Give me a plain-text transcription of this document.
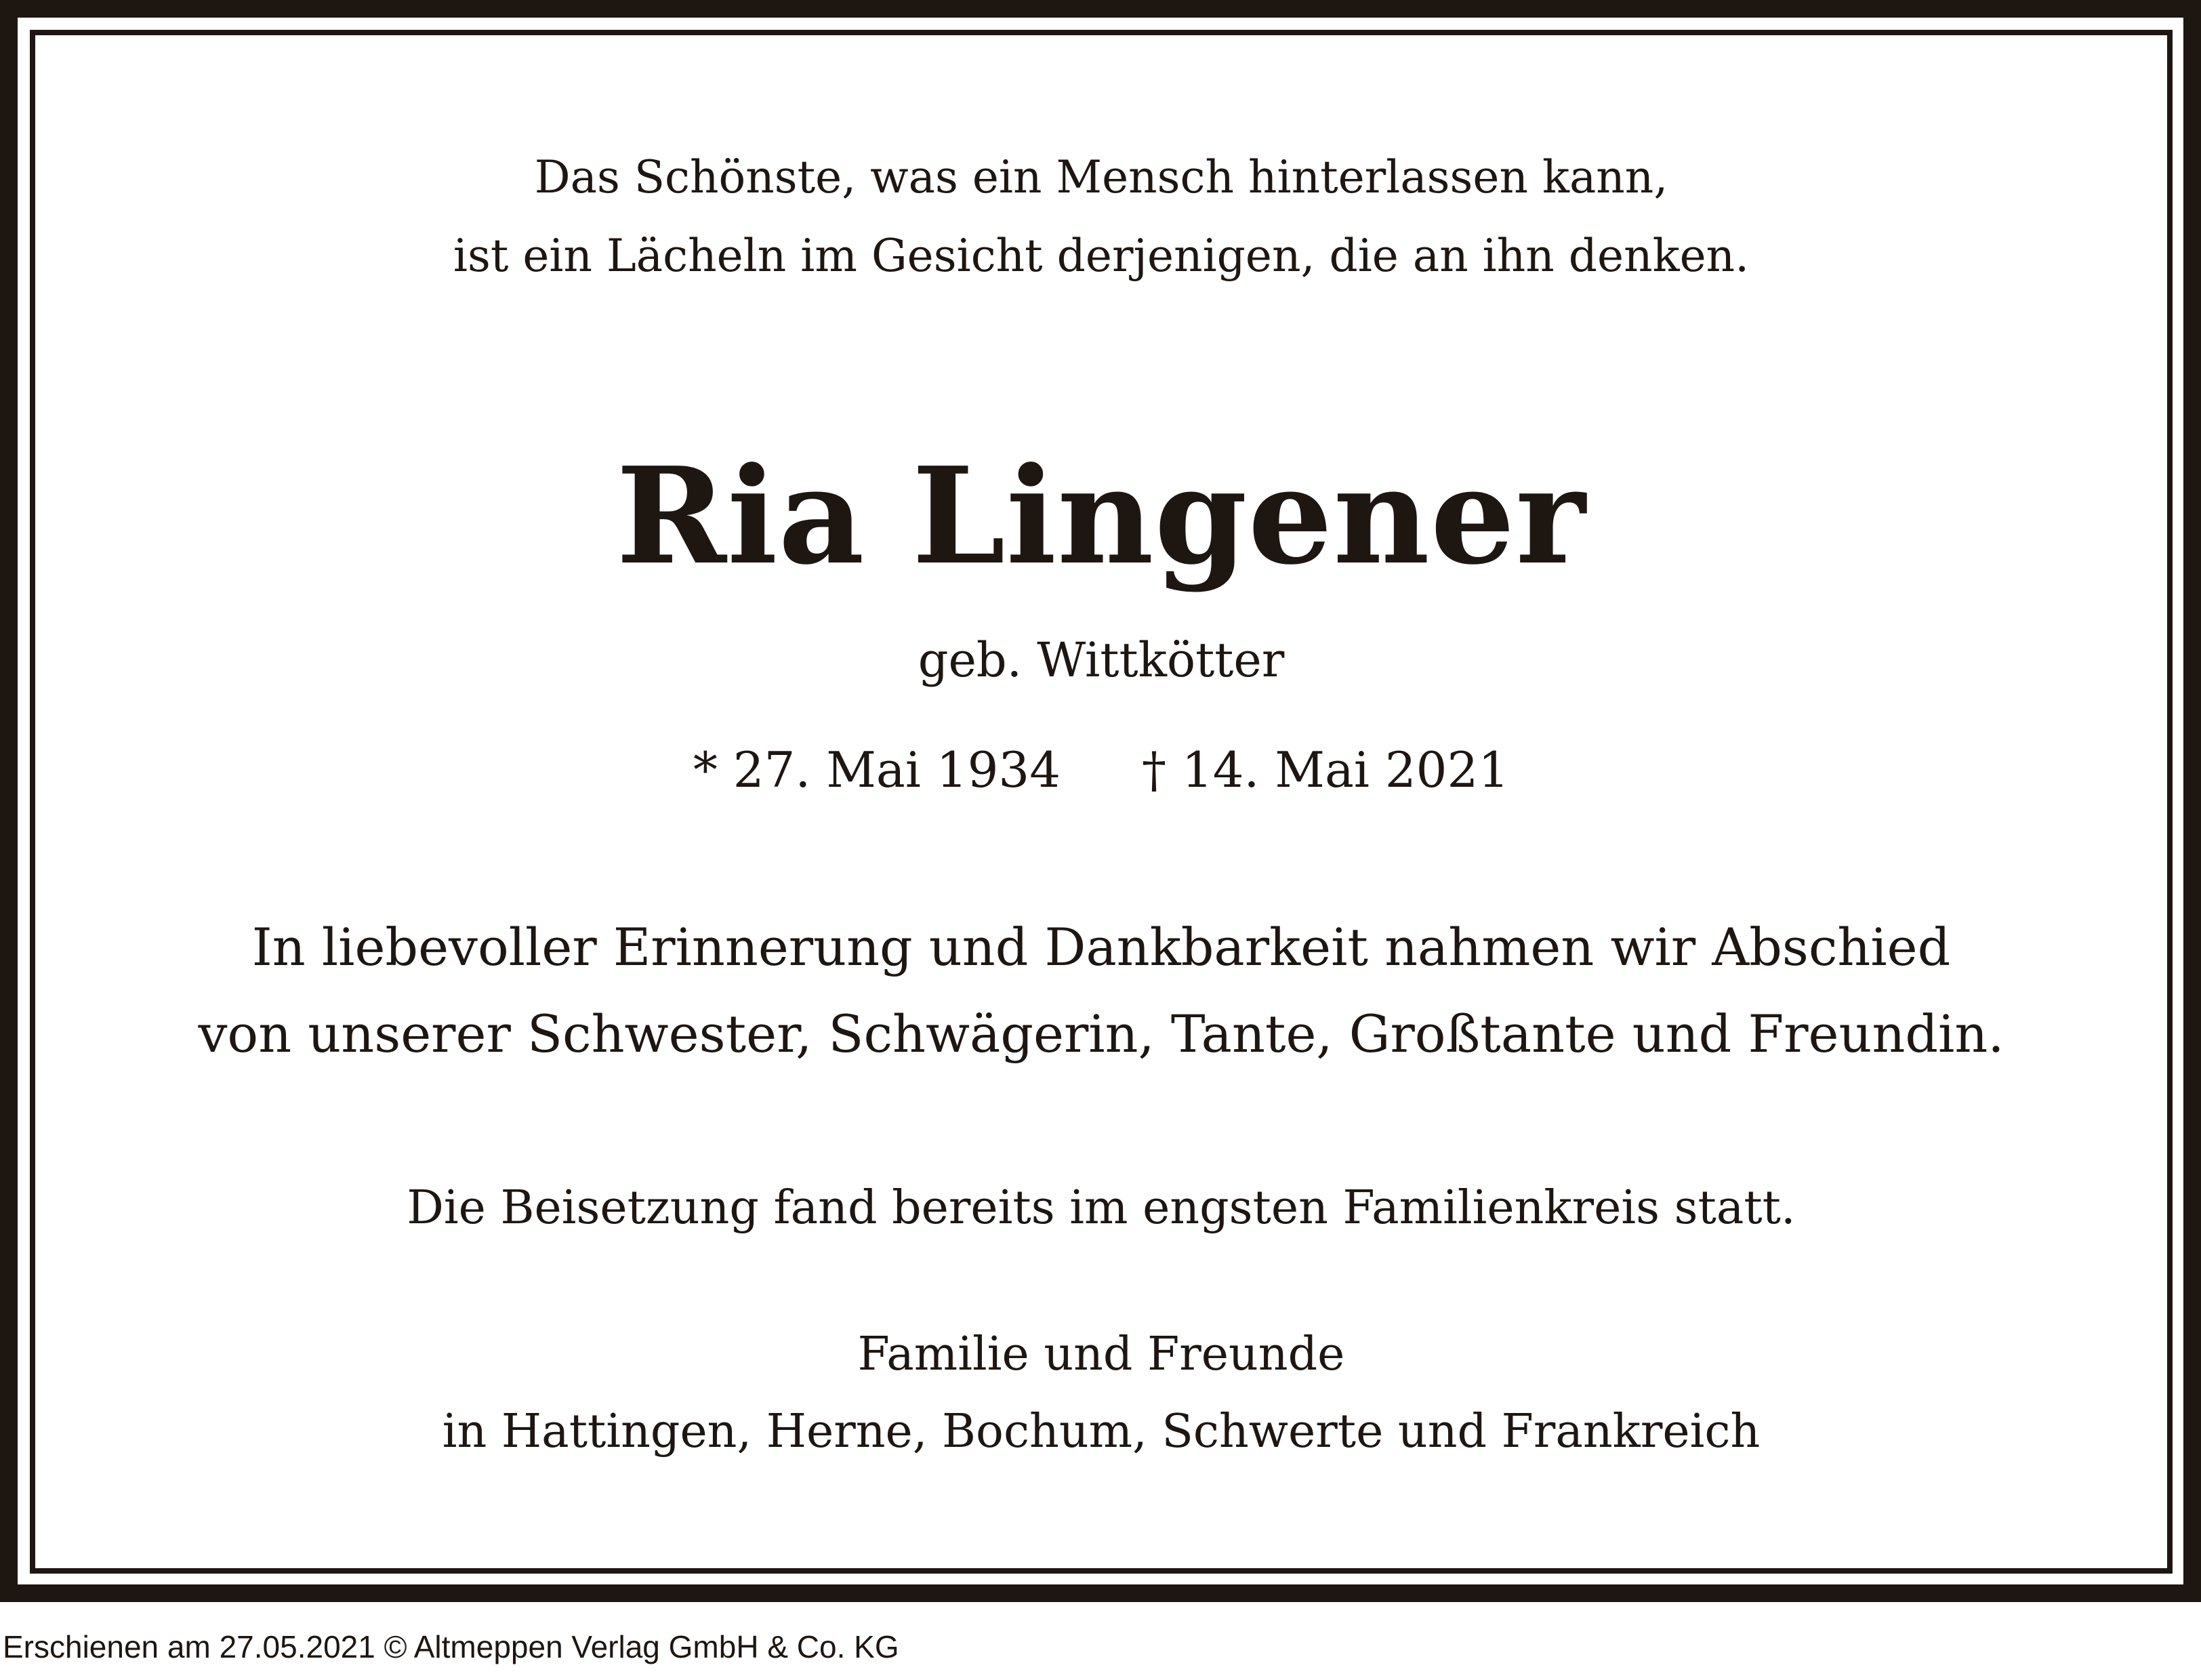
Das Schönste, was ein Mensch hinterlassen kann,
ist ein Lächeln im Gesicht derjenigen, die an ihn denken.
Ria Lingener
geb. Wittkötter
* 27. Mai 1934 † 14. Mai 2021
In liebevoller Erinnerung und Dankbarkeit nahmen wir Abschied
von unserer Schwester, Schwägerin, Tante, Großtante und Freundin.
Die Beisetzung fand bereits im engsten Familienkreis statt.
Familie und Freunde
in Hattingen, Herne, Bochum, Schwerte und Frankreich
Erschienen am 27.05.2021 © Altmeppen Verlag GmbH & Co. KG
